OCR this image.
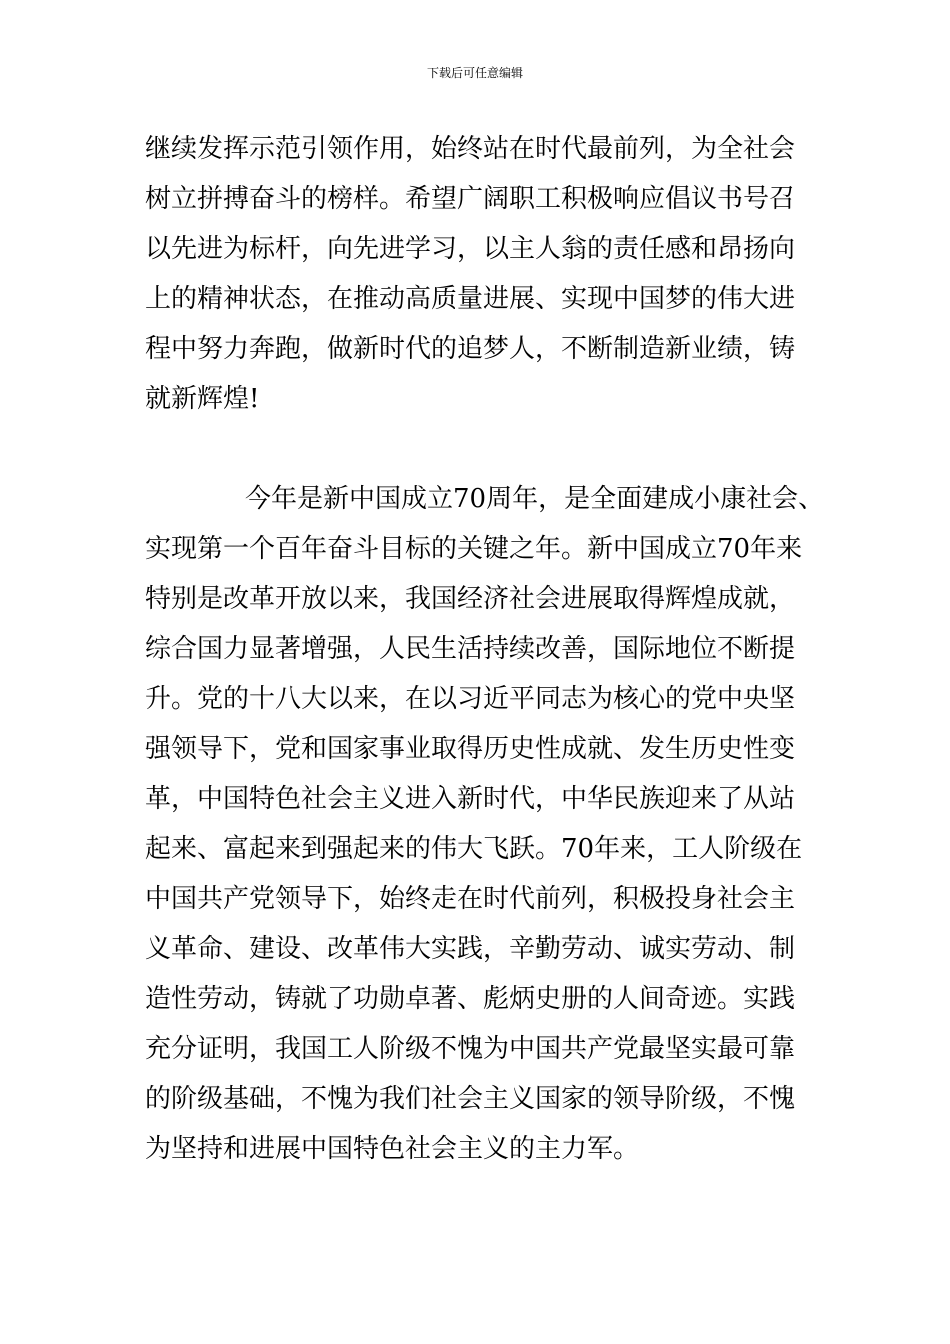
下载后可任意编辑
继续发挥示范引领作用，始终站在时代最前列，为全社会
树立拼搏奋斗的榜样。希望广阔职工积极响应倡议书号召
以先进为标杆，向先进学习，以主人翁的责任感和昂扬向
上的精神状态，在推动高质量进展、实现中国梦的伟大进
程中努力奔跑，做新时代的追梦人，不断制造新业绩，铸
就新辉煌!
今年是新中国成立70周年，是全面建成小康社会、
实现第一个百年奋斗目标的关键之年。新中国成立70年来
特别是改革开放以来，我国经济社会进展取得辉煌成就，
综合国力显著增强，人民生活持续改善，国际地位不断提
升。党的十八大以来，在以习近平同志为核心的党中央坚
强领导下，党和国家事业取得历史性成就、发生历史性变
革，中国特色社会主义进入新时代，中华民族迎来了从站
起来、富起来到强起来的伟大飞跃。70年来，工人阶级在
中国共产党领导下，始终走在时代前列，积极投身社会主
义革命、建设、改革伟大实践，辛勤劳动、诚实劳动、制
造性劳动，铸就了功勋卓著、彪炳史册的人间奇迹。实践
充分证明，我国工人阶级不愧为中国共产党最坚实最可靠
的阶级基础，不愧为我们社会主义国家的领导阶级，不愧
为坚持和进展中国特色社会主义的主力军。
